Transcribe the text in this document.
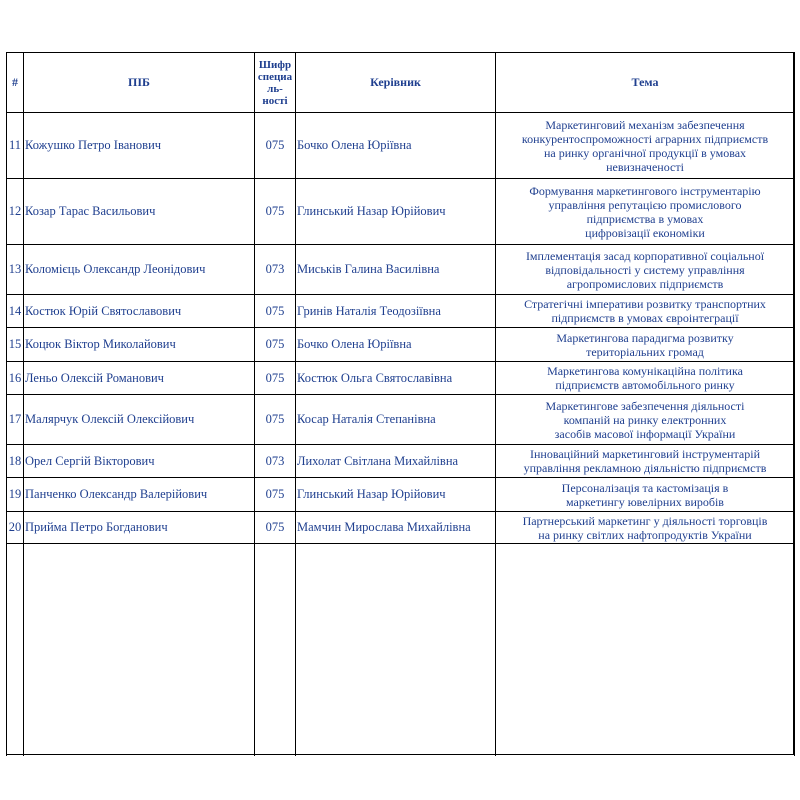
#	ПІБ	Шифр
специа
ль-
ності	Керівник	Тема
11	Кожушко Петро Іванович	075	Бочко Олена Юріївна	Маркетинговий механізм забезпечення
конкурентоспроможності аграрних підприємств
на ринку органічної продукції в умовах
невизначеності
12	Козар Тарас Васильович	075	Глинський Назар Юрійович	Формування маркетингового інструментарію
управління репутацією промислового
підприємства в умовах
цифровізації економіки
13	Коломієць Олександр Леонідович	073	Миськів Галина Василівна	Імплементація засад корпоративної соціальної
відповідальності у систему управління
агропромислових підприємств
14	Костюк Юрій Святославович	075	Гринів Наталія Теодозіївна	Стратегічні імперативи розвитку транспортних
підприємств в умовах євроінтеграції
15	Коцюк Віктор Миколайович	075	Бочко Олена Юріївна	Маркетингова парадигма розвитку
територіальних громад
16	Леньо Олексій Романович	075	Костюк Ольга Святославівна	Маркетингова комунікаційна політика
підприємств автомобільного ринку
17	Малярчук Олексій Олексійович	075	Косар Наталія Степанівна	Маркетингове забезпечення діяльності
компаній на ринку електронних
засобів масової інформації України
18	Орел Сергій Вікторович	073	Лихолат Світлана Михайлівна	Інноваційний маркетинговий інструментарій
управління рекламною діяльністю підприємств
19	Панченко Олександр Валерійович	075	Глинський Назар Юрійович	Персоналізація та кастомізація в
маркетингу ювелірних виробів
20	Прийма Петро Богданович	075	Мамчин Мирослава Михайлівна	Партнерський маркетинг у діяльності торговців
на ринку світлих нафтопродуктів України
